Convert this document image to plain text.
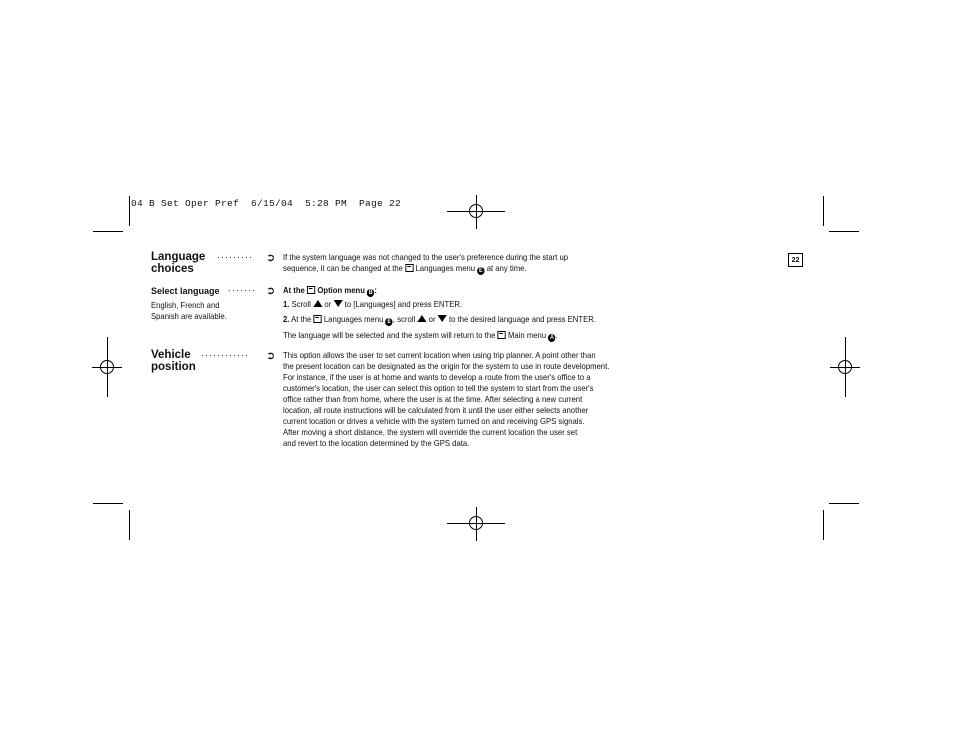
04 B Set Oper Pref  6/15/04  5:28 PM  Page 22
22
Language
choices
········· ➲ If the system language was not changed to the user's preference during the start up
sequence, it can be changed at the Languages menu E at any time.
Select language ······· ➲
English, French and
Spanish are available.
At the Option menu B :
1. Scroll or to [Languages] and press ENTER.
2. At the Languages menu E , scroll or to the desired language and press ENTER.
The language will be selected and the system will return to the Main menu A .
Vehicle
position
············ ➲ This option allows the user to set current location when using trip planner. A point other than
the present location can be designated as the origin for the system to use in route development.
For instance, if the user is at home and wants to develop a route from the user's office to a
customer's location, the user can select this option to tell the system to start from the user's
office rather than from home, where the user is at the time. After selecting a new current
location, all route instructions will be calculated from it until the user either selects another
current location or drives a vehicle with the system turned on and receiving GPS signals.
After moving a short distance, the system will override the current location the user set
and revert to the location determined by the GPS data.
